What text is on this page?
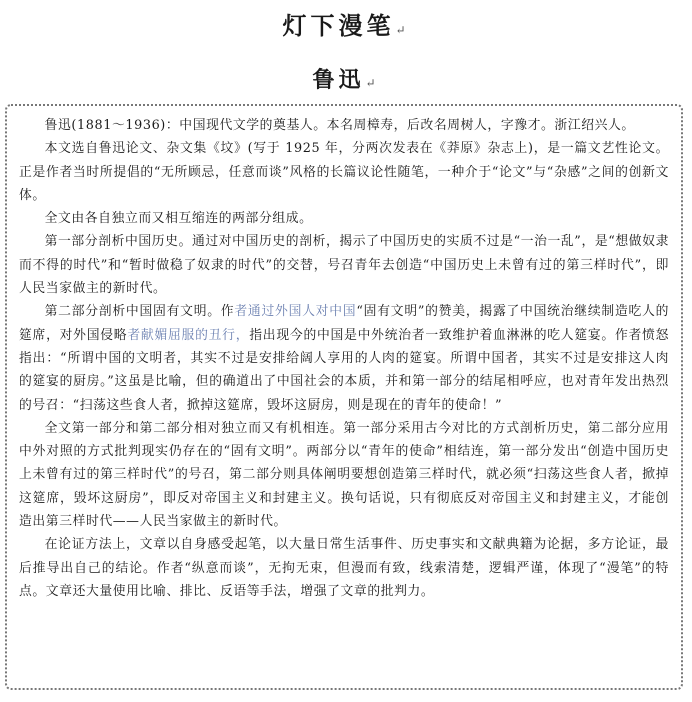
灯下漫笔↵
鲁迅↵

鲁迅(1881～1936)：中国现代文学的奠基人。本名周樟寿，后改名周树人，字豫才。浙江绍兴人。

本文选自鲁迅论文、杂文集《坟》(写于 1925 年，分两次发表在《莽原》杂志上)，是一篇文艺性论文。正是作者当时所提倡的“无所顾忌，任意而谈”风格的长篇议论性随笔，一种介于“论文”与“杂感”之间的创新文体。

全文由各自独立而又相互缩连的两部分组成。

第一部分剖析中国历史。通过对中国历史的剖析，揭示了中国历史的实质不过是“一治一乱”，是“想做奴隶而不得的时代”和“暂时做稳了奴隶的时代”的交替，号召青年去创造“中国历史上未曾有过的第三样时代”，即人民当家做主的新时代。

第二部分剖析中国固有文明。作者通过外国人对中国“固有文明”的赞美，揭露了中国统治继续制造吃人的筵席，对外国侵略者献媚屈服的丑行，指出现今的中国是中外统治者一致维护着血淋淋的吃人筵宴。作者愤怒指出：“所谓中国的文明者，其实不过是安排给阔人享用的人肉的筵宴。所谓中国者，其实不过是安排这人肉的筵宴的厨房。”这虽是比喻，但的确道出了中国社会的本质，并和第一部分的结尾相呼应，也对青年发出热烈的号召：“扫荡这些食人者，掀掉这筵席，毁坏这厨房，则是现在的青年的使命！”

全文第一部分和第二部分相对独立而又有机相连。第一部分采用古今对比的方式剖析历史，第二部分应用中外对照的方式批判现实仍存在的“固有文明”。两部分以“青年的使命”相结连，第一部分发出“创造中国历史上未曾有过的第三样时代”的号召，第二部分则具体阐明要想创造第三样时代，就必须“扫荡这些食人者，掀掉这筵席，毁坏这厨房”，即反对帝国主义和封建主义。换句话说，只有彻底反对帝国主义和封建主义，才能创造出第三样时代——人民当家做主的新时代。

在论证方法上，文章以自身感受起笔，以大量日常生活事件、历史事实和文献典籍为论据，多方论证，最后推导出自己的结论。作者“纵意而谈”，无拘无束，但漫而有致，线索清楚，逻辑严谨，体现了“漫笔”的特点。文章还大量使用比喻、排比、反语等手法，增强了文章的批判力。
